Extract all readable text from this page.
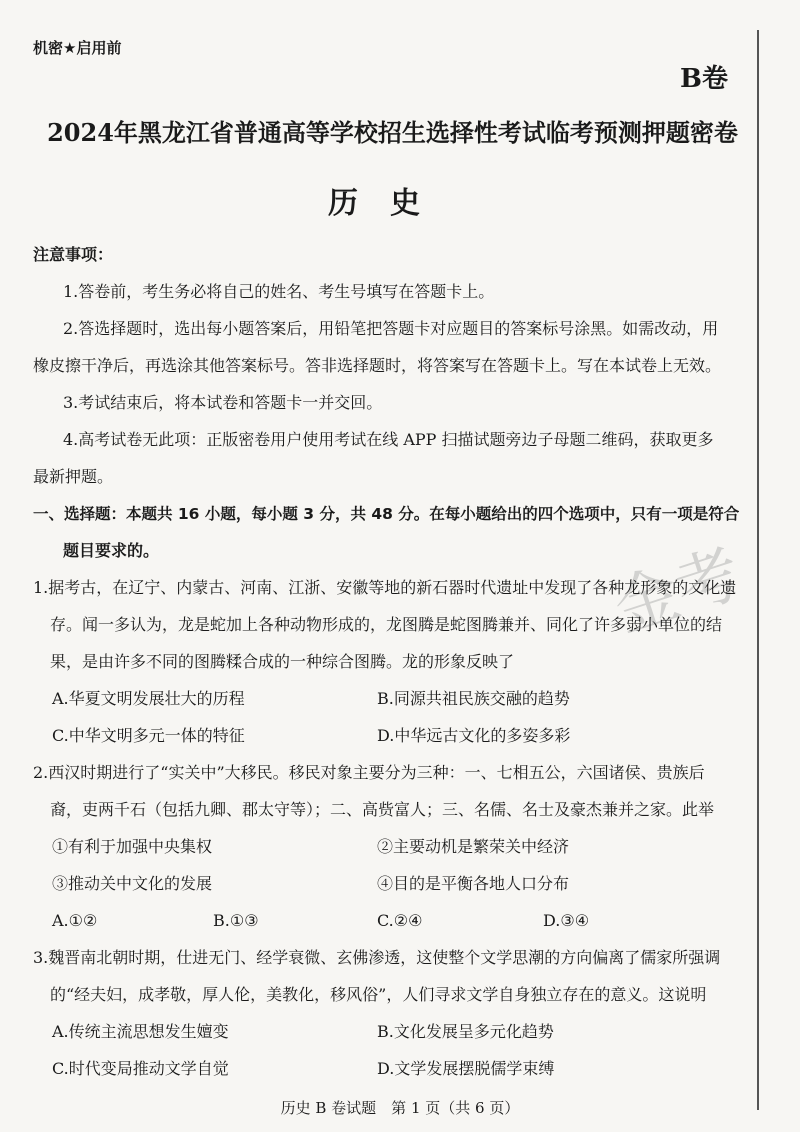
机密★启用前
B卷
2024年黑龙江省普通高等学校招生选择性考试临考预测押题密卷
历史
注意事项：
1.答卷前，考生务必将自己的姓名、考生号填写在答题卡上。
2.答选择题时，选出每小题答案后，用铅笔把答题卡对应题目的答案标号涂黑。如需改动，用
橡皮擦干净后，再选涂其他答案标号。答非选择题时，将答案写在答题卡上。写在本试卷上无效。
3.考试结束后，将本试卷和答题卡一并交回。
4.高考试卷无此项：正版密卷用户使用考试在线 APP 扫描试题旁边子母题二维码，获取更多
最新押题。
一、选择题：本题共 16 小题，每小题 3 分，共 48 分。在每小题给出的四个选项中，只有一项是符合
题目要求的。	金考
1.据考古，在辽宁、内蒙古、河南、江浙、安徽等地的新石器时代遗址中发现了各种龙形象的文化遗
存。闻一多认为，龙是蛇加上各种动物形成的，龙图腾是蛇图腾兼并、同化了许多弱小单位的结
果，是由许多不同的图腾糅合成的一种综合图腾。龙的形象反映了
A.华夏文明发展壮大的历程	B.同源共祖民族交融的趋势
C.中华文明多元一体的特征	D.中华远古文化的多姿多彩
2.西汉时期进行了“实关中”大移民。移民对象主要分为三种：一、七相五公，六国诸侯、贵族后
裔，吏两千石（包括九卿、郡太守等）；二、高赀富人；三、名儒、名士及豪杰兼并之家。此举
①有利于加强中央集权	②主要动机是繁荣关中经济
③推动关中文化的发展	④目的是平衡各地人口分布
A.①②	B.①③	C.②④	D.③④
3.魏晋南北朝时期，仕进无门、经学衰微、玄佛渗透，这使整个文学思潮的方向偏离了儒家所强调
的“经夫妇，成孝敬，厚人伦，美教化，移风俗”，人们寻求文学自身独立存在的意义。这说明
A.传统主流思想发生嬗变	B.文化发展呈多元化趋势
C.时代变局推动文学自觉	D.文学发展摆脱儒学束缚
历史 B 卷试题　第 1 页（共 6 页）
